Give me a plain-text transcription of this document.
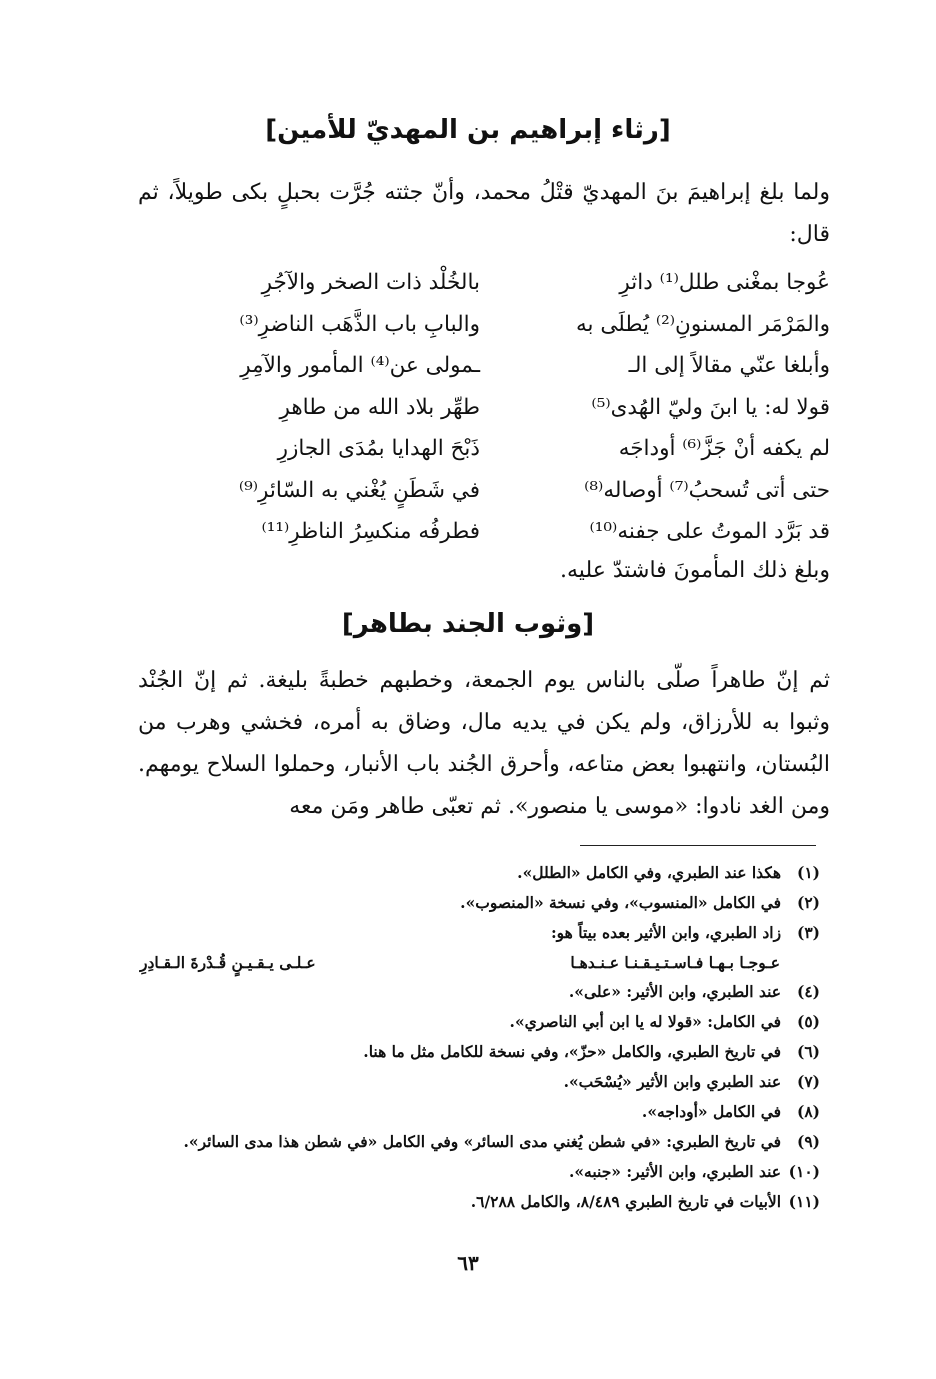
[رثاء إبراهيم بن المهديّ للأمين]
ولما بلغ إبراهيمَ بنَ المهديّ قتْلُ محمد، وأنّ جثته جُرَّت بحبلٍ بكى طويلاً، ثم قال:
عُوجا بمغْنى طلل⁽¹⁾ داثرِ
بالخُلْد ذات الصخر والآجُرِ
والمَرْمَر المسنونِ⁽²⁾ يُطلَى به
والبابِ باب الذَّهَب الناضرِ⁽³⁾
وأبلغا عنّي مقالاً إلى الـ
ـمولى عن⁽⁴⁾ المأمور والآمِرِ
قولا له: يا ابنَ وليّ الهُدى⁽⁵⁾
طهِّر بلاد الله من طاهرِ
لم يكفه أنْ جَزَّ⁽⁶⁾ أوداجَه
ذَبْحَ الهدايا بمُدَى الجازرِ
حتى أتى تُسحبُ⁽⁷⁾ أوصاله⁽⁸⁾
في شَطَنٍ يُغْني به السّائرِ⁽⁹⁾
قد بَرَّد الموتُ على جفنه⁽¹⁰⁾
فطرفُه منكسِرُ الناظرِ⁽¹¹⁾
وبلغ ذلك المأمونَ فاشتدّ عليه.
[وثوب الجند بطاهر]
ثم إنّ طاهراً صلّى بالناس يوم الجمعة، وخطبهم خطبةً بليغة. ثم إنّ الجُنْد وثبوا به للأرزاق، ولم يكن في يديه مال، وضاق به أمره، فخشي وهرب من البُستان، وانتهبوا بعض متاعه، وأحرق الجُند باب الأنبار، وحملوا السلاح يومهم. ومن الغد نادوا: «موسى يا منصور». ثم تعبّى طاهر ومَن معه
(١) هكذا عند الطبري، وفي الكامل «الطلل».
(٢) في الكامل «المنسوب»، وفي نسخة «المنصوب».
(٣) زاد الطبري، وابن الأثير بعده بيتاً هو:
عـوجـا بـهـا فـاسـتـيـقـنـا عـنـدهـا
عـلـى يـقـيـنٍ قُـدْرةَ الـقـادِرِ
(٤) عند الطبري، وابن الأثير: «على».
(٥) في الكامل: «قولا له يا ابن أبي الناصري».
(٦) في تاريخ الطبري، والكامل «حزّ»، وفي نسخة للكامل مثل ما هنا.
(٧) عند الطبري وابن الأثير «يُسْحَب».
(٨) في الكامل «أوداجه».
(٩) في تاريخ الطبري: «في شطن يُغني مدى السائر» وفي الكامل «في شطن هذا مدى السائر».
(١٠) عند الطبري، وابن الأثير: «جنبه».
(١١) الأبيات في تاريخ الطبري ٨/٤٨٩، والكامل ٦/٢٨٨.
٦٣
